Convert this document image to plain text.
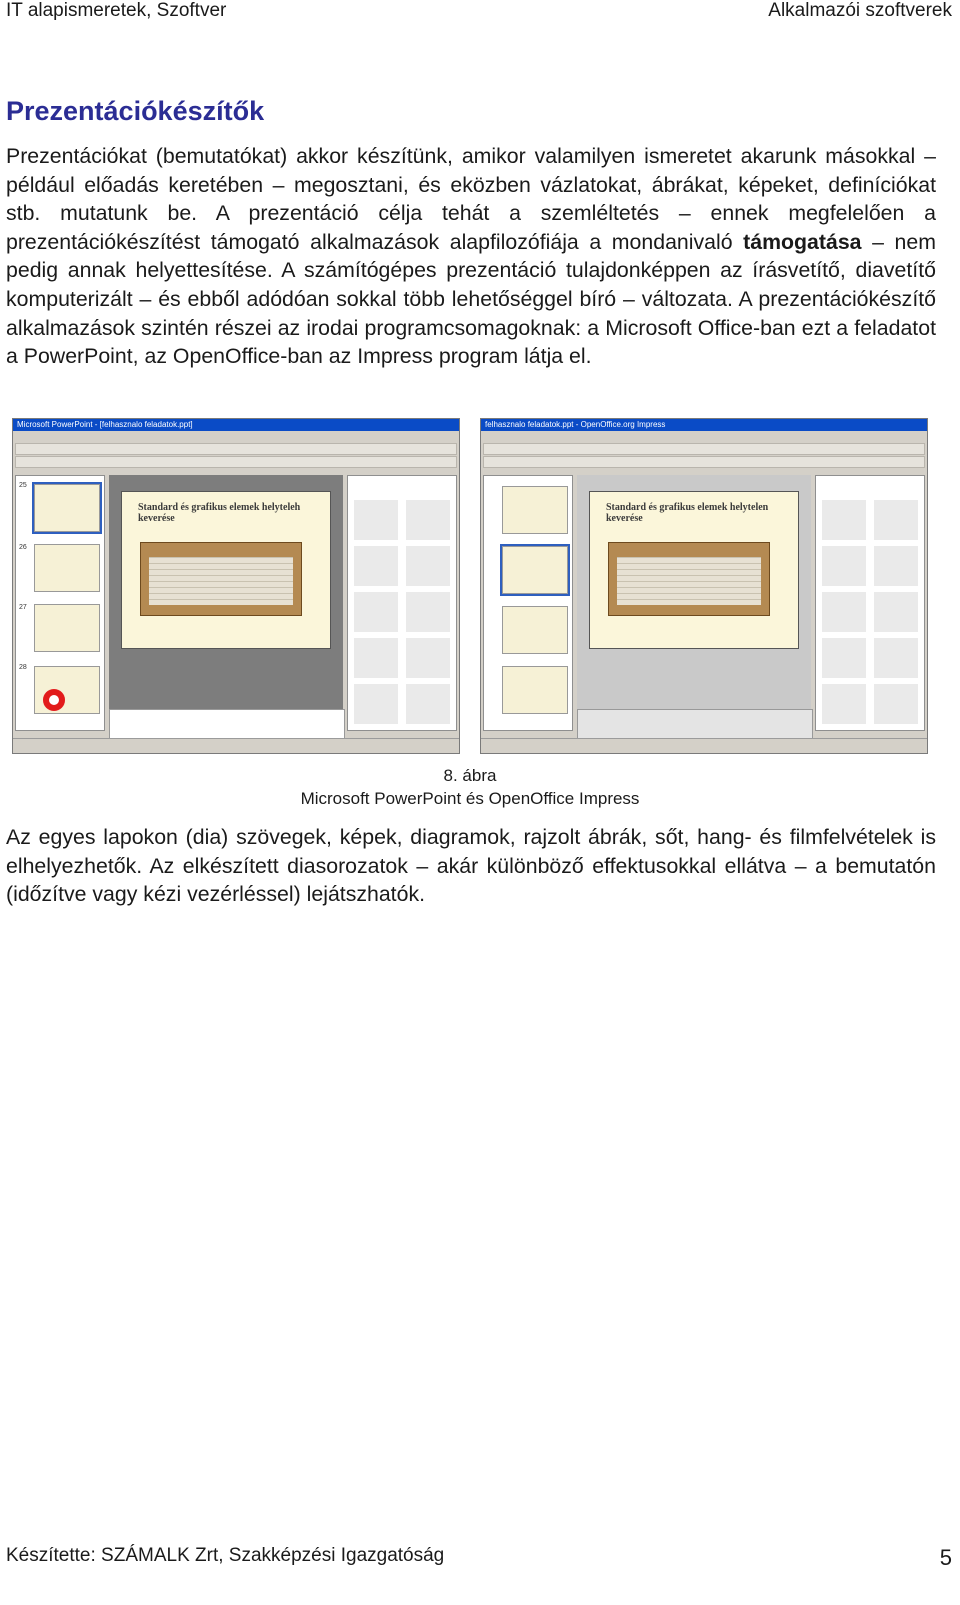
IT alapismeretek, Szoftver	Alkalmazói szoftverek
Prezentációkészítők

Prezentációkat (bemutatókat) akkor készítünk, amikor valamilyen ismeretet akarunk másokkal – például előadás keretében – megosztani, és eközben vázlatokat, ábrákat, képeket, definíciókat stb. mutatunk be. A prezentáció célja tehát a szemléltetés – ennek megfelelően a prezentációkészítést támogató alkalmazások alapfilozófiája a mondanivaló támogatása – nem pedig annak helyettesítése. A számítógépes prezentáció tulajdonképpen az írásvetítő, diavetítő komputerizált – és ebből adódóan sokkal több lehetőséggel bíró – változata. A prezentációkészítő alkalmazások szintén részei az irodai programcsomagoknak: a Microsoft Office-ban ezt a feladatot a PowerPoint, az OpenOffice-ban az Impress program látja el.

Microsoft PowerPoint - [felhasznalo feladatok.ppt]
25
26
27
28
Standard és grafikus elemek helyteleh keverése
felhasznalo feladatok.ppt - OpenOffice.org Impress
Standard és grafikus elemek helytelen keverése
8. ábra
Microsoft PowerPoint és OpenOffice Impress

Az egyes lapokon (dia) szövegek, képek, diagramok, rajzolt ábrák, sőt, hang- és filmfelvételek is elhelyezhetők. Az elkészített diasorozatok – akár különböző effektusokkal ellátva – a bemutatón (időzítve vagy kézi vezérléssel) lejátszhatók.

Készítette: SZÁMALK Zrt, Szakképzési Igazgatóság	5
